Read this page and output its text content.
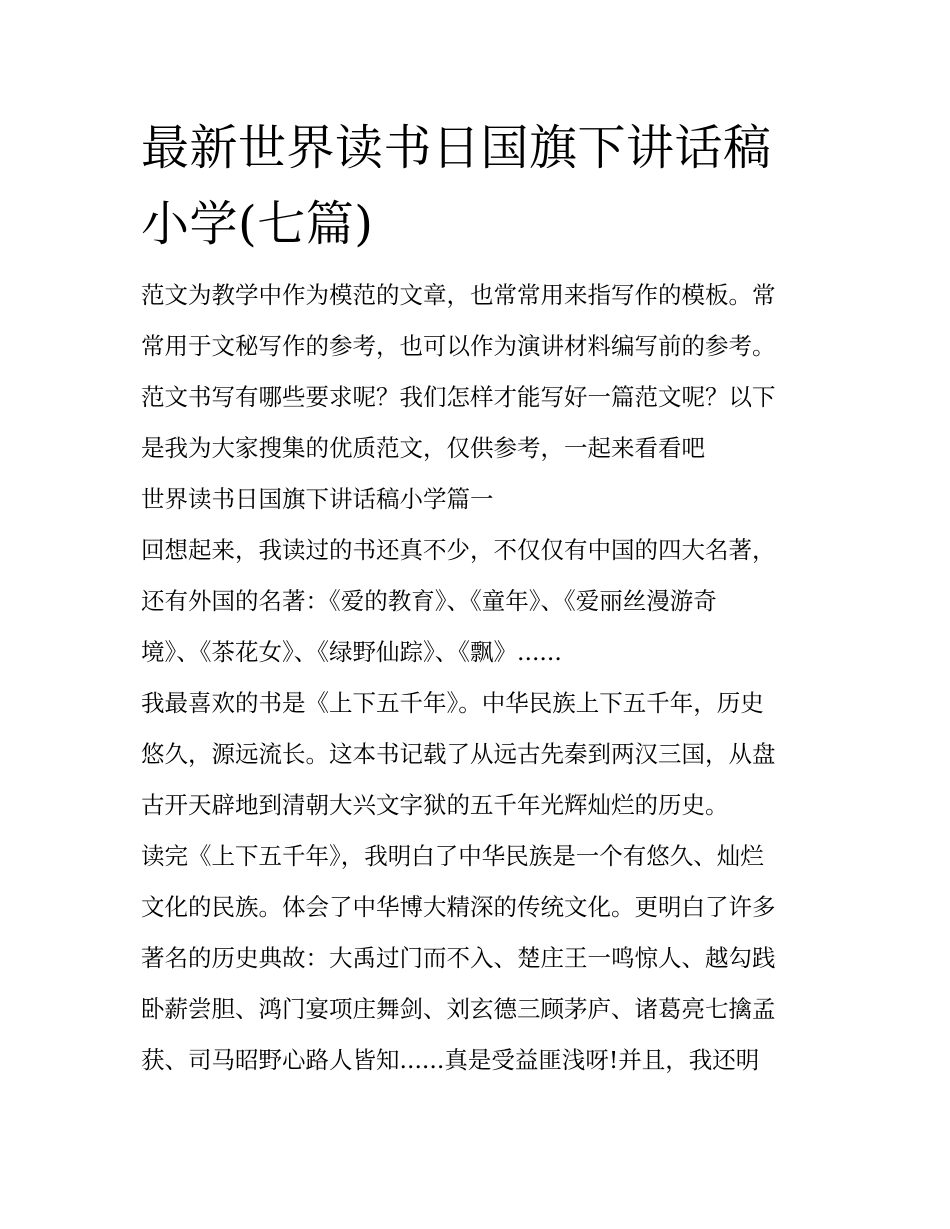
最新世界读书日国旗下讲话稿
小学(七篇)

范文为教学中作为模范的文章，也常常用来指写作的模板。常
常用于文秘写作的参考，也可以作为演讲材料编写前的参考。
范文书写有哪些要求呢？我们怎样才能写好一篇范文呢？以下
是我为大家搜集的优质范文，仅供参考，一起来看看吧

世界读书日国旗下讲话稿小学篇一

回想起来，我读过的书还真不少，不仅仅有中国的四大名著，
还有外国的名著：《爱的教育》、《童年》、《爱丽丝漫游奇
境》、《茶花女》、《绿野仙踪》、《飘》......

我最喜欢的书是《上下五千年》。中华民族上下五千年，历史
悠久，源远流长。这本书记载了从远古先秦到两汉三国，从盘
古开天辟地到清朝大兴文字狱的五千年光辉灿烂的历史。

读完《上下五千年》，我明白了中华民族是一个有悠久、灿烂
文化的民族。体会了中华博大精深的传统文化。更明白了许多
著名的历史典故：大禹过门而不入、楚庄王一鸣惊人、越勾践
卧薪尝胆、鸿门宴项庄舞剑、刘玄德三顾茅庐、诸葛亮七擒孟
获、司马昭野心路人皆知......真是受益匪浅呀!并且，我还明
